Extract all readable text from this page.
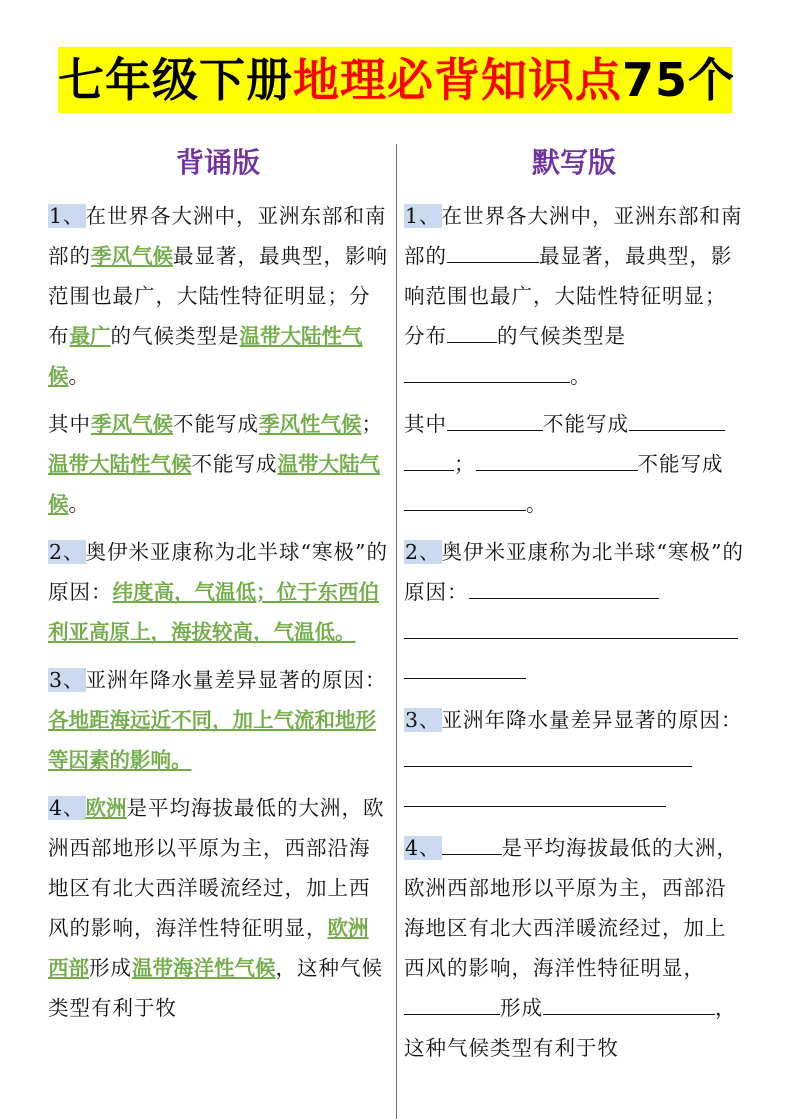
七年级下册地理必背知识点75个
背诵版

1、在世界各大洲中，亚洲东部和南部的季风气候最显著，最典型，影响范围也最广，大陆性特征明显；分布最广的气候类型是温带大陆性气候。

其中季风气候不能写成季风性气候；温带大陆性气候不能写成温带大陆气候。

2、奥伊米亚康称为北半球“寒极”的原因：纬度高，气温低；位于东西伯利亚高原上，海拔较高，气温低。

3、亚洲年降水量差异显著的原因：各地距海远近不同，加上气流和地形等因素的影响。

4、欧洲是平均海拔最低的大洲，欧洲西部地形以平原为主，西部沿海地区有北大西洋暖流经过，加上西风的影响，海洋性特征明显，欧洲西部形成温带海洋性气候，这种气候类型有利于牧

默写版

1、在世界各大洲中，亚洲东部和南部的	最显著，最典型，影响范围也最广，大陆性特征明显；分布 的气候类型是。

其中	不能写成；	不能写成。

2、奥伊米亚康称为北半球“寒极”的原因：

3、亚洲年降水量差异显著的原因：

4、	是平均海拔最低的大洲，欧洲西部地形以平原为主，西部沿海地区有北大西洋暖流经过，加上西风的影响，海洋性特征明显，形成	，这种气候类型有利于牧
